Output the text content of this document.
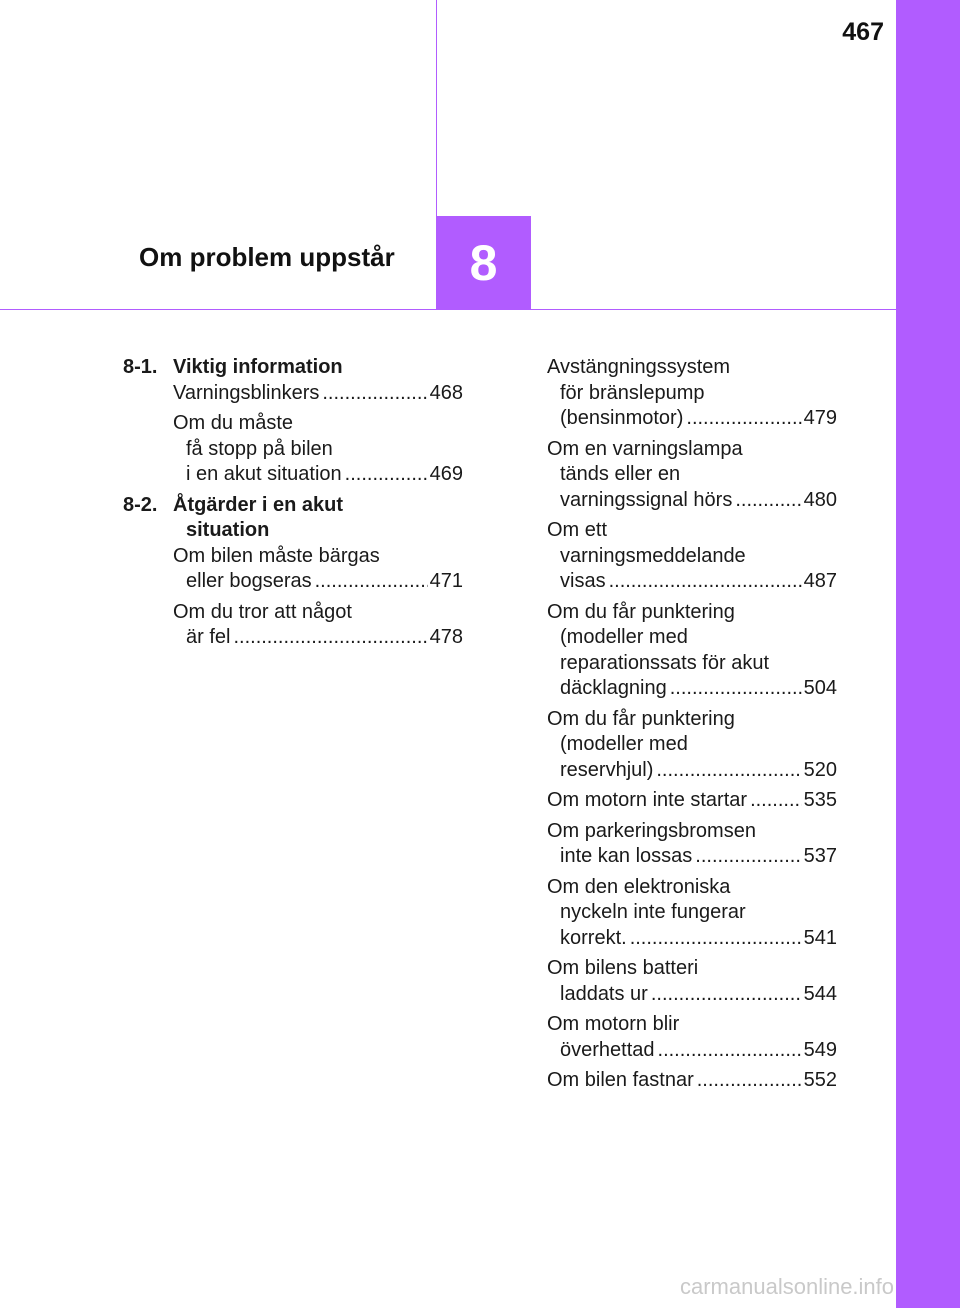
467
8
Om problem uppstår
8-1. Viktig information
Varningsblinkers .....	468
Om du måste
få stopp på bilen
i en akut situation .....	469
8-2. Åtgärder i en akut
situation
Om bilen måste bärgas
eller bogseras .....	471
Om du tror att något
är fel .....	478
Avstängningssystem
för bränslepump
(bensinmotor) .....	479
Om en varningslampa
tänds eller en
varningssignal hörs .....	480
Om ett
varningsmeddelande
visas .....	487
Om du får punktering
(modeller med
reparationssats för akut
däcklagning .....	504
Om du får punktering
(modeller med
reservhjul) .....	520
Om motorn inte startar .....	535
Om parkeringsbromsen
inte kan lossas .....	537
Om den elektroniska
nyckeln inte fungerar
korrekt. .....	541
Om bilens batteri
laddats ur .....	544
Om motorn blir
överhettad .....	549
Om bilen fastnar .....	552
carmanualsonline.info
